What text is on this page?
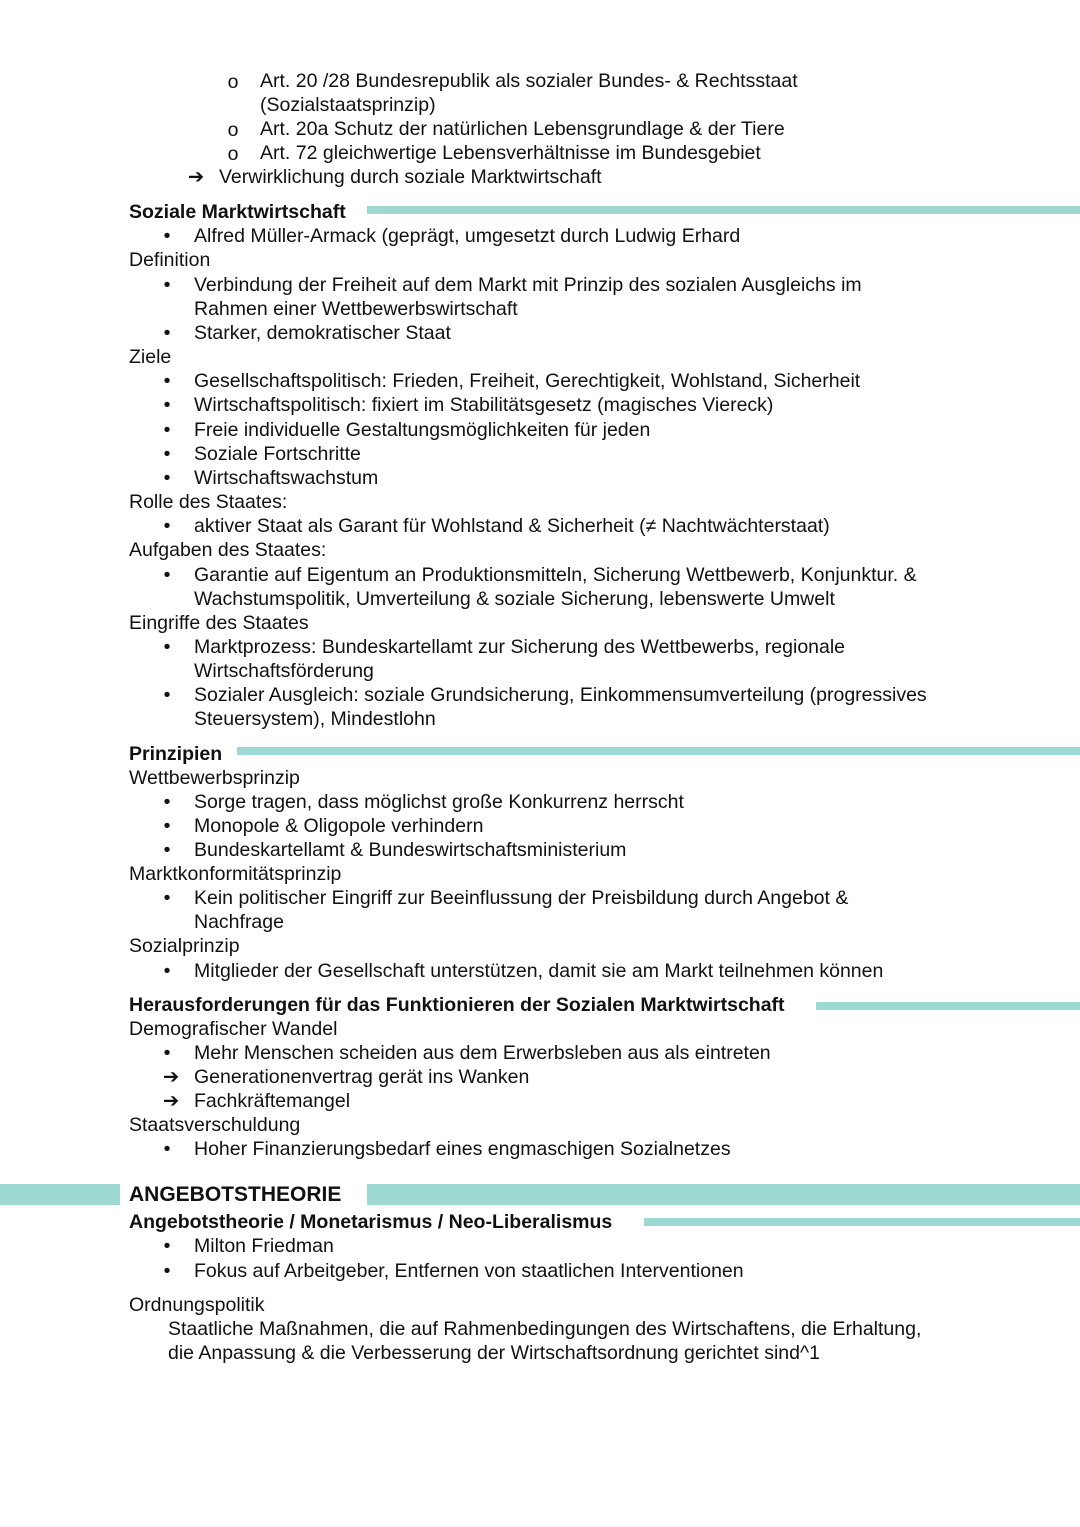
o Art. 20 /28 Bundesrepublik als sozialer Bundes- & Rechtsstaat
(Sozialstaatsprinzip)
o Art. 20a Schutz der natürlichen Lebensgrundlage & der Tiere
o Art. 72 gleichwertige Lebensverhältnisse im Bundesgebiet
➔ Verwirklichung durch soziale Marktwirtschaft
Soziale Marktwirtschaft
•	Alfred Müller-Armack (geprägt, umgesetzt durch Ludwig Erhard
Definition
•	Verbindung der Freiheit auf dem Markt mit Prinzip des sozialen Ausgleichs im
Rahmen einer Wettbewerbswirtschaft
•	Starker, demokratischer Staat
Ziele
•	Gesellschaftspolitisch: Frieden, Freiheit, Gerechtigkeit, Wohlstand, Sicherheit
•	Wirtschaftspolitisch: fixiert im Stabilitätsgesetz (magisches Viereck)
•	Freie individuelle Gestaltungsmöglichkeiten für jeden
•	Soziale Fortschritte
•	Wirtschaftswachstum
Rolle des Staates:
•	aktiver Staat als Garant für Wohlstand & Sicherheit (≠ Nachtwächterstaat)
Aufgaben des Staates:
•	Garantie auf Eigentum an Produktionsmitteln, Sicherung Wettbewerb, Konjunktur. &
Wachstumspolitik, Umverteilung & soziale Sicherung, lebenswerte Umwelt
Eingriffe des Staates
•	Marktprozess: Bundeskartellamt zur Sicherung des Wettbewerbs, regionale
Wirtschaftsförderung
•	Sozialer Ausgleich: soziale Grundsicherung, Einkommensumverteilung (progressives
Steuersystem), Mindestlohn
Prinzipien
Wettbewerbsprinzip
•	Sorge tragen, dass möglichst große Konkurrenz herrscht
•	Monopole & Oligopole verhindern
•	Bundeskartellamt & Bundeswirtschaftsministerium
Marktkonformitätsprinzip
•	Kein politischer Eingriff zur Beeinflussung der Preisbildung durch Angebot &
Nachfrage
Sozialprinzip
•	Mitglieder der Gesellschaft unterstützen, damit sie am Markt teilnehmen können
Herausforderungen für das Funktionieren der Sozialen Marktwirtschaft
Demografischer Wandel
•	Mehr Menschen scheiden aus dem Erwerbsleben aus als eintreten
➔ Generationenvertrag gerät ins Wanken
➔ Fachkräftemangel
Staatsverschuldung
•	Hoher Finanzierungsbedarf eines engmaschigen Sozialnetzes
ANGEBOTSTHEORIE
Angebotstheorie / Monetarismus / Neo-Liberalismus
•	Milton Friedman
•	Fokus auf Arbeitgeber, Entfernen von staatlichen Interventionen
Ordnungspolitik
Staatliche Maßnahmen, die auf Rahmenbedingungen des Wirtschaftens, die Erhaltung,
die Anpassung & die Verbesserung der Wirtschaftsordnung gerichtet sind^1
